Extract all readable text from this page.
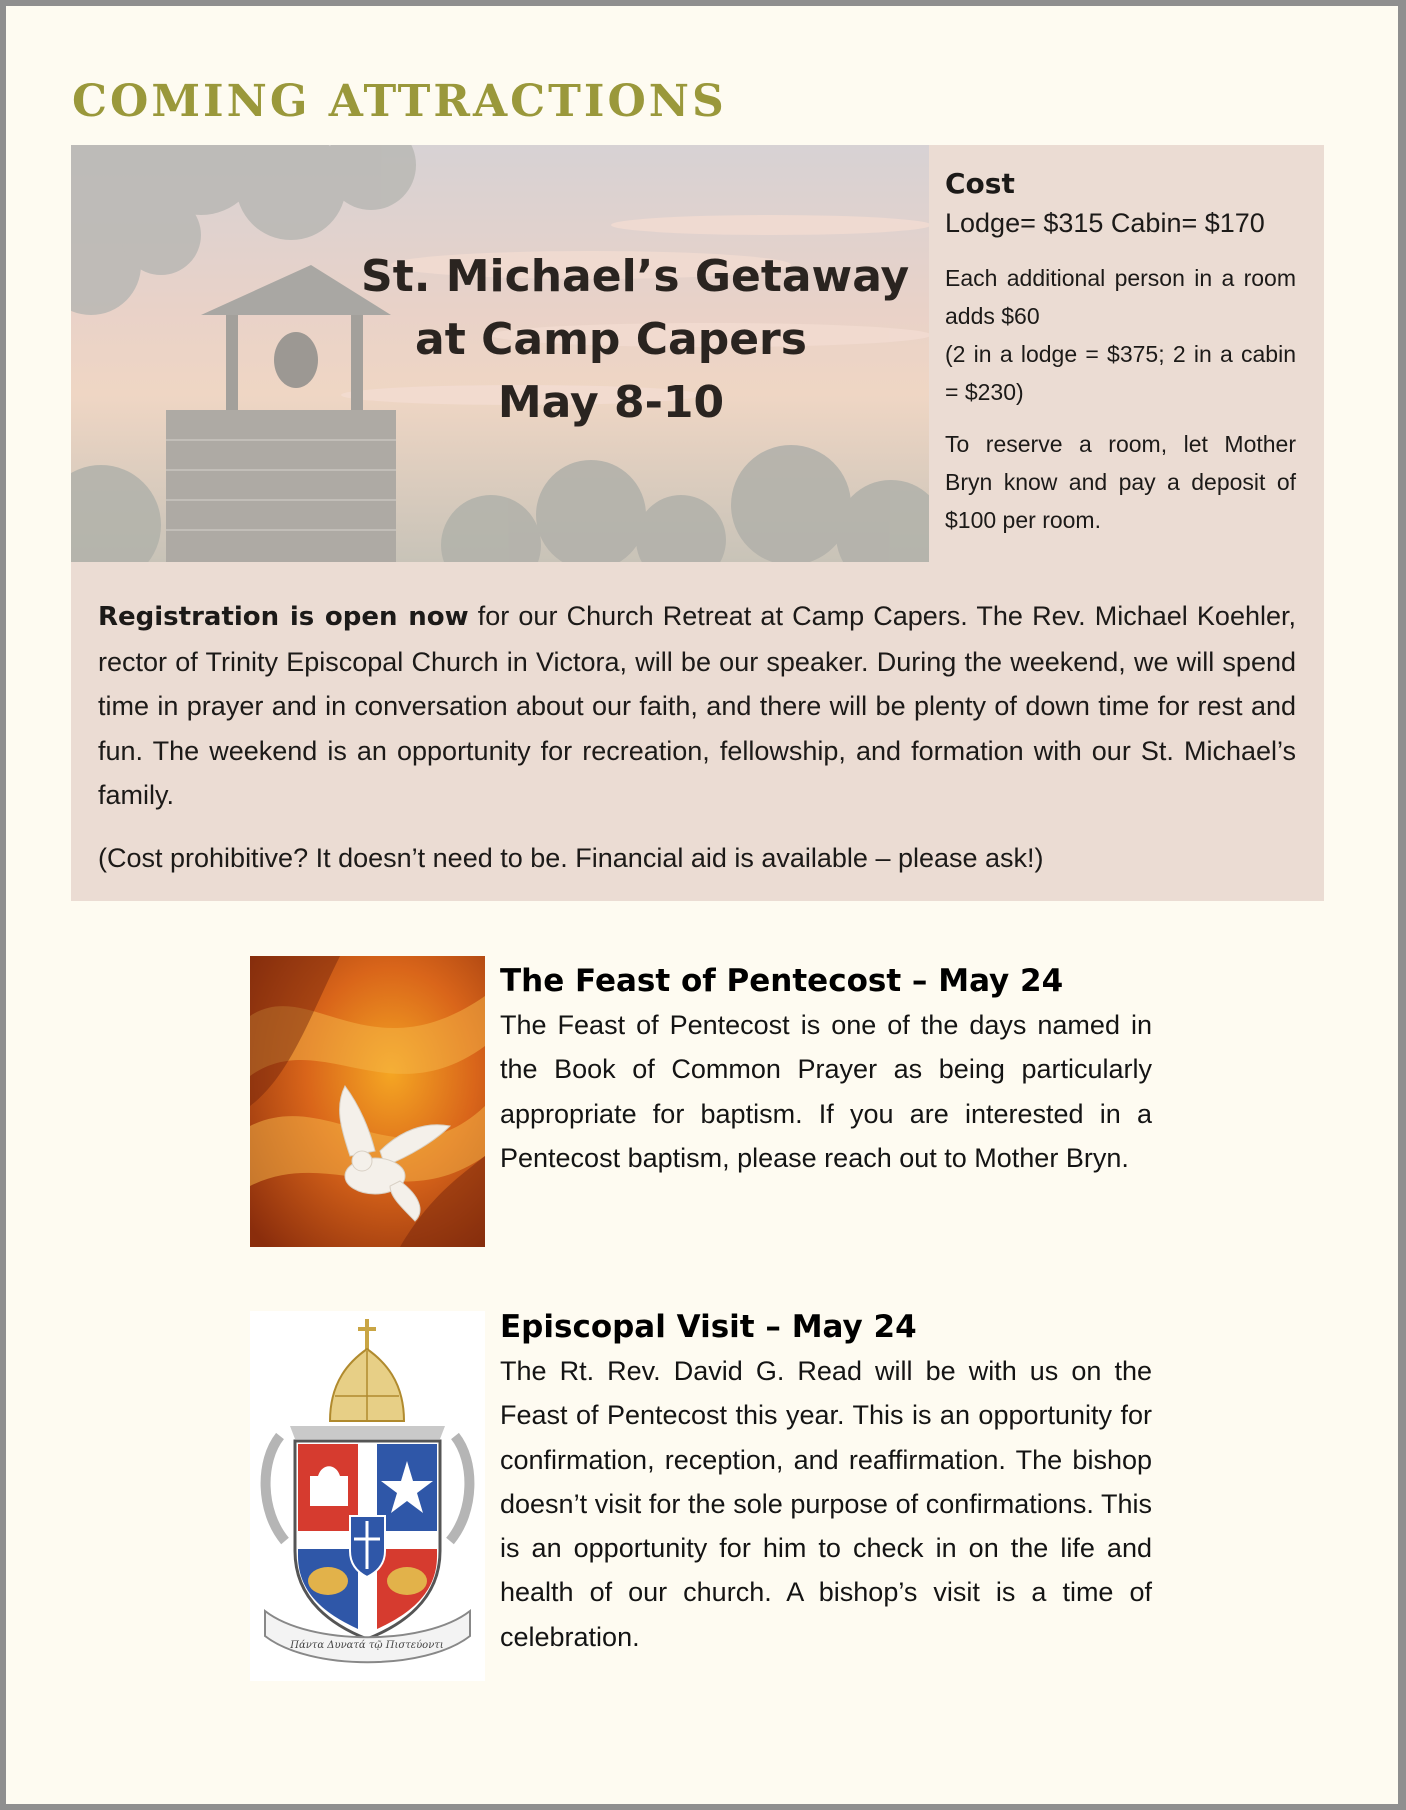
COMING ATTRACTIONS
St. Michael’s Getaway
at Camp Capers
May 8-10

Cost

Lodge= $315 Cabin= $170

Each additional person in a room adds $60

(2 in a lodge = $375; 2 in a cabin = $230)

To reserve a room, let Mother Bryn know and pay a deposit of $100 per room.

Registration is open now for our Church Retreat at Camp Capers. The Rev. Michael Koehler, rector of Trinity Episcopal Church in Victora, will be our speaker. During the weekend, we will spend time in prayer and in conversation about our faith, and there will be plenty of down time for rest and fun. The weekend is an opportunity for recreation, fellowship, and formation with our St. Michael’s family.

(Cost prohibitive? It doesn’t need to be. Financial aid is available – please ask!)

The Feast of Pentecost – May 24

The Feast of Pentecost is one of the days named in the Book of Common Prayer as being particularly appropriate for baptism. If you are interested in a Pentecost baptism, please reach out to Mother Bryn.

Πάντα Δυνατά τῷ Πιστεύοντι

Episcopal Visit – May 24

The Rt. Rev. David G. Read will be with us on the Feast of Pentecost this year. This is an opportunity for confirmation, reception, and reaffirmation. The bishop doesn’t visit for the sole purpose of confirmations. This is an opportunity for him to check in on the life and health of our church. A bishop’s visit is a time of celebration.
